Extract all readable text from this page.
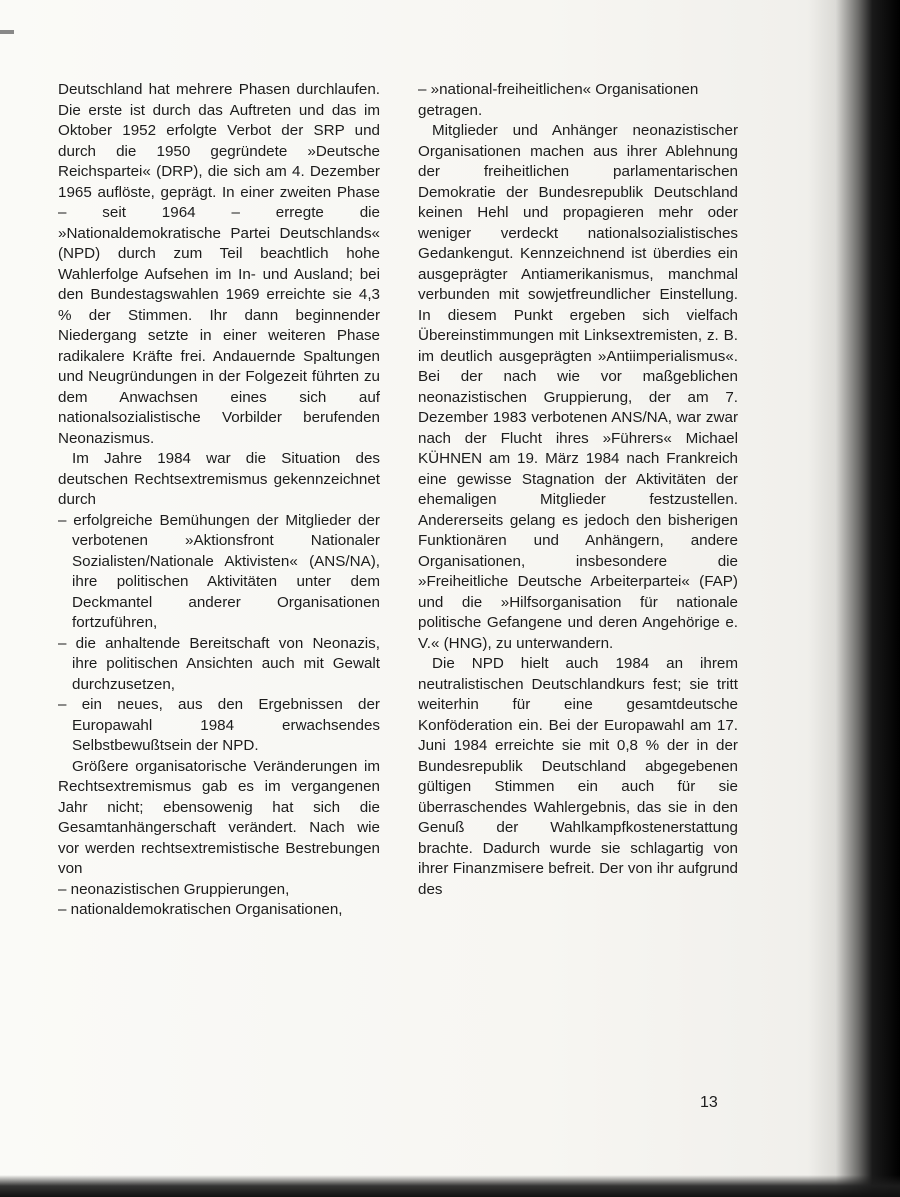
Deutschland hat mehrere Phasen durchlaufen. Die erste ist durch das Auftreten und das im Oktober 1952 erfolgte Verbot der SRP und durch die 1950 gegründete »Deutsche Reichspartei« (DRP), die sich am 4. Dezember 1965 auflöste, geprägt. In einer zweiten Phase – seit 1964 – erregte die »Nationaldemokratische Partei Deutschlands« (NPD) durch zum Teil beachtlich hohe Wahlerfolge Aufsehen im In- und Ausland; bei den Bundestagswahlen 1969 erreichte sie 4,3 % der Stimmen. Ihr dann beginnender Niedergang setzte in einer weiteren Phase radikalere Kräfte frei. Andauernde Spaltungen und Neugründungen in der Folgezeit führten zu dem Anwachsen eines sich auf nationalsozialistische Vorbilder berufenden Neonazismus.

Im Jahre 1984 war die Situation des deutschen Rechtsextremismus gekennzeichnet durch

– erfolgreiche Bemühungen der Mitglieder der verbotenen »Aktionsfront Nationaler Sozialisten/Nationale Aktivisten« (ANS/NA), ihre politischen Aktivitäten unter dem Deckmantel anderer Organisationen fortzuführen,

– die anhaltende Bereitschaft von Neonazis, ihre politischen Ansichten auch mit Gewalt durchzusetzen,

– ein neues, aus den Ergebnissen der Europawahl 1984 erwachsendes Selbstbewußtsein der NPD.

Größere organisatorische Veränderungen im Rechtsextremismus gab es im vergangenen Jahr nicht; ebensowenig hat sich die Gesamtanhängerschaft verändert. Nach wie vor werden rechtsextremistische Bestrebungen von

– neonazistischen Gruppierungen,

– nationaldemokratischen Organisationen,

– »national-freiheitlichen« Organisationen

getragen.

Mitglieder und Anhänger neonazistischer Organisationen machen aus ihrer Ablehnung der freiheitlichen parlamentarischen Demokratie der Bundesrepublik Deutschland keinen Hehl und propagieren mehr oder weniger verdeckt nationalsozialistisches Gedankengut. Kennzeichnend ist überdies ein ausgeprägter Antiamerikanismus, manchmal verbunden mit sowjetfreundlicher Einstellung. In diesem Punkt ergeben sich vielfach Übereinstimmungen mit Linksextremisten, z. B. im deutlich ausgeprägten »Antiimperialismus«. Bei der nach wie vor maßgeblichen neonazistischen Gruppierung, der am 7. Dezember 1983 verbotenen ANS/NA, war zwar nach der Flucht ihres »Führers« Michael KÜHNEN am 19. März 1984 nach Frankreich eine gewisse Stagnation der Aktivitäten der ehemaligen Mitglieder festzustellen. Andererseits gelang es jedoch den bisherigen Funktionären und Anhängern, andere Organisationen, insbesondere die »Freiheitliche Deutsche Arbeiterpartei« (FAP) und die »Hilfsorganisation für nationale politische Gefangene und deren Angehörige e. V.« (HNG), zu unterwandern.

Die NPD hielt auch 1984 an ihrem neutralistischen Deutschlandkurs fest; sie tritt weiterhin für eine gesamtdeutsche Konföderation ein. Bei der Europawahl am 17. Juni 1984 erreichte sie mit 0,8 % der in der Bundesrepublik Deutschland abgegebenen gültigen Stimmen ein auch für sie überraschendes Wahlergebnis, das sie in den Genuß der Wahlkampfkostenerstattung brachte. Dadurch wurde sie schlagartig von ihrer Finanzmisere befreit. Der von ihr aufgrund des

13
